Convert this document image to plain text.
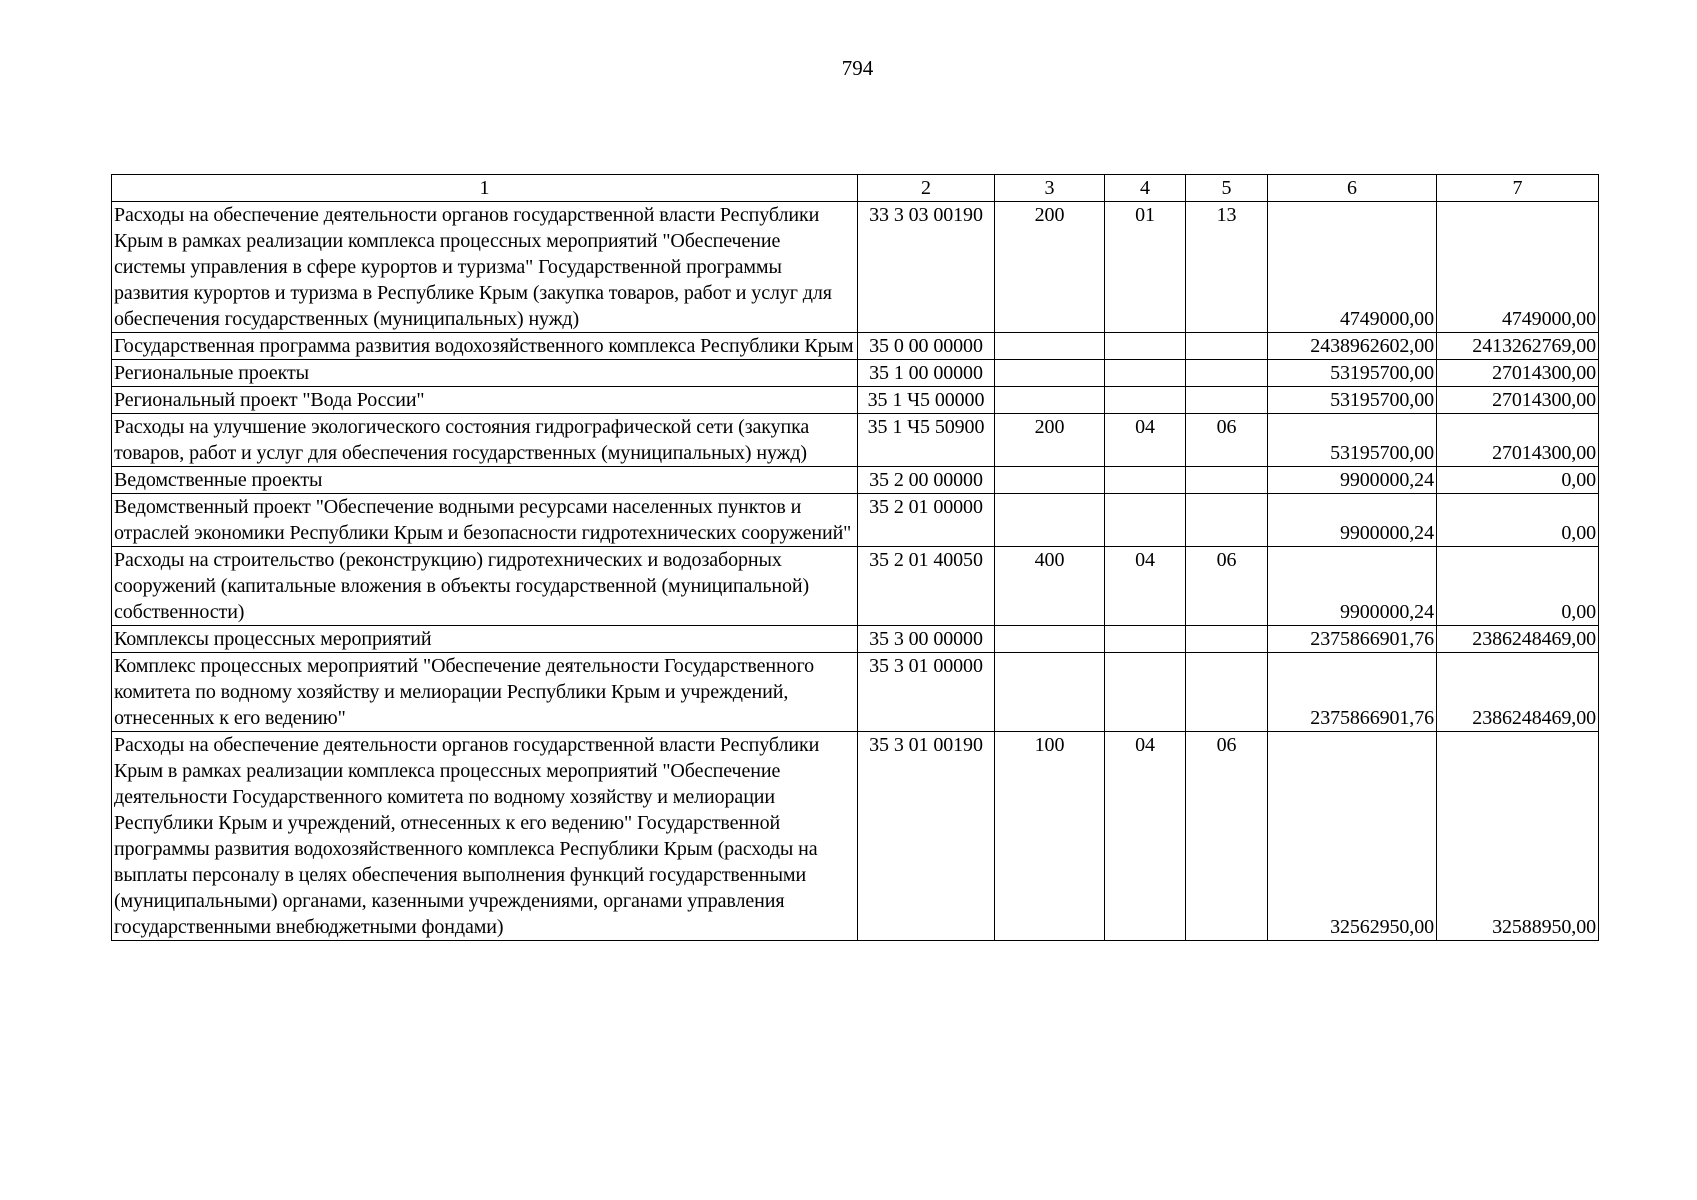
794
1	2	3	4	5	6	7
Расходы на обеспечение деятельности органов государственной власти Республики Крым в рамках реализации комплекса процессных мероприятий "Обеспечение системы управления в сфере курортов и туризма" Государственной программы развития курортов и туризма в Республике Крым (закупка товаров, работ и услуг для обеспечения государственных (муниципальных) нужд)	33 3 03 00190	200	01	13	4749000,00	4749000,00
Государственная программа развития водохозяйственного комплекса Республики Крым	35 0 00 00000				2438962602,00	2413262769,00
Региональные проекты	35 1 00 00000				53195700,00	27014300,00
Региональный проект "Вода России"	35 1 Ч5 00000				53195700,00	27014300,00
Расходы на улучшение экологического состояния гидрографической сети (закупка товаров, работ и услуг для обеспечения государственных (муниципальных) нужд)	35 1 Ч5 50900	200	04	06	53195700,00	27014300,00
Ведомственные проекты	35 2 00 00000				9900000,24	0,00
Ведомственный проект "Обеспечение водными ресурсами населенных пунктов и отраслей экономики Республики Крым и безопасности гидротехнических сооружений"	35 2 01 00000				9900000,24	0,00
Расходы на строительство (реконструкцию) гидротехнических и водозаборных сооружений (капитальные вложения в объекты государственной (муниципальной) собственности)	35 2 01 40050	400	04	06	9900000,24	0,00
Комплексы процессных мероприятий	35 3 00 00000				2375866901,76	2386248469,00
Комплекс процессных мероприятий "Обеспечение деятельности Государственного комитета по водному хозяйству и мелиорации Республики Крым и учреждений, отнесенных к его ведению"	35 3 01 00000				2375866901,76	2386248469,00
Расходы на обеспечение деятельности органов государственной власти Республики Крым в рамках реализации комплекса процессных мероприятий "Обеспечение деятельности Государственного комитета по водному хозяйству и мелиорации Республики Крым и учреждений, отнесенных к его ведению" Государственной программы развития водохозяйственного комплекса Республики Крым (расходы на выплаты персоналу в целях обеспечения выполнения функций государственными (муниципальными) органами, казенными учреждениями, органами управления государственными внебюджетными фондами)	35 3 01 00190	100	04	06	32562950,00	32588950,00
